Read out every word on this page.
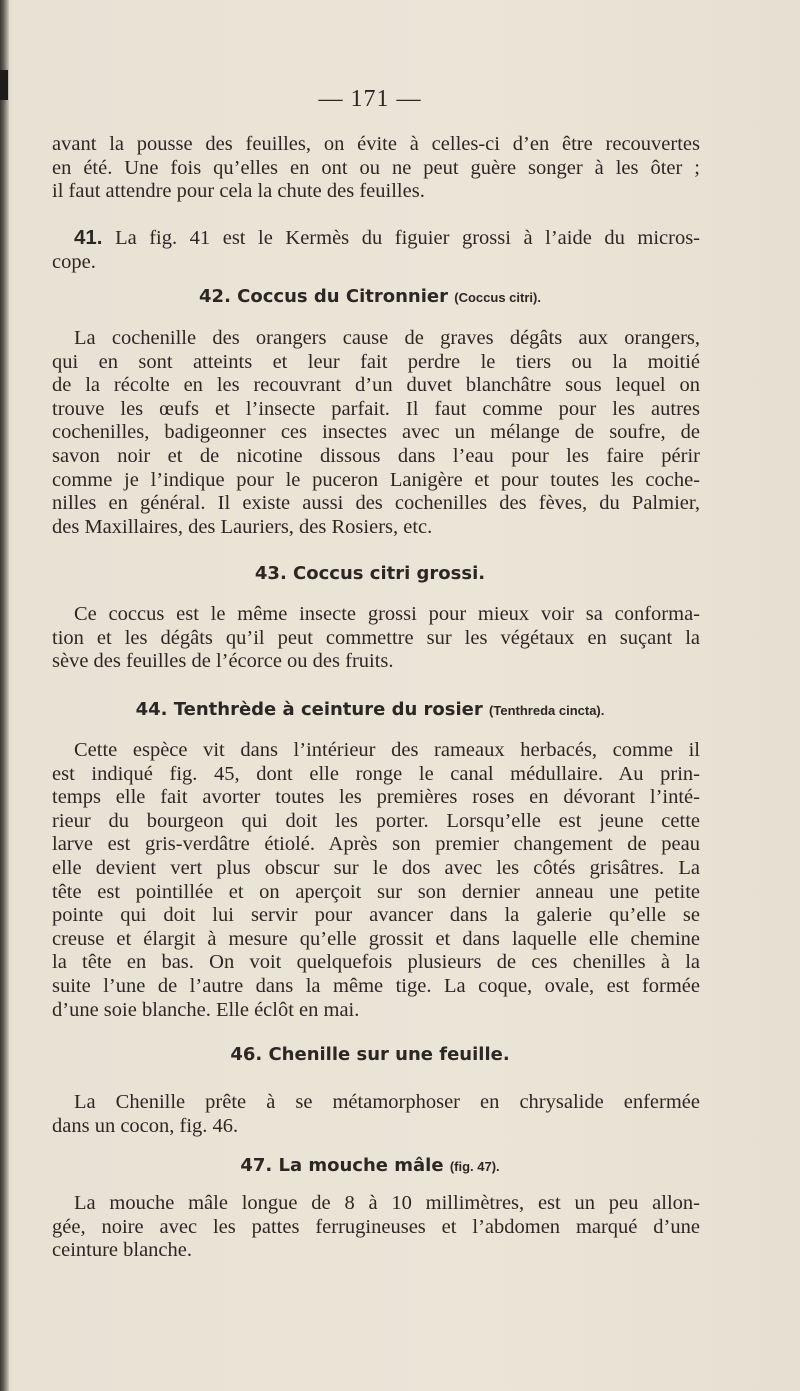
— 171 —
avant la pousse des feuilles, on évite à celles-ci d’en être recouvertes
en été. Une fois qu’elles en ont ou ne peut guère songer à les ôter ;
il faut attendre pour cela la chute des feuilles.
41. La fig. 41 est le Kermès du figuier grossi à l’aide du micros-
cope.
42. Coccus du Citronnier (Coccus citri).
La cochenille des orangers cause de graves dégâts aux orangers,
qui en sont atteints et leur fait perdre le tiers ou la moitié
de la récolte en les recouvrant d’un duvet blanchâtre sous lequel on
trouve les œufs et l’insecte parfait. Il faut comme pour les autres
cochenilles, badigeonner ces insectes avec un mélange de soufre, de
savon noir et de nicotine dissous dans l’eau pour les faire périr
comme je l’indique pour le puceron Lanigère et pour toutes les coche-
nilles en général. Il existe aussi des cochenilles des fèves, du Palmier,
des Maxillaires, des Lauriers, des Rosiers, etc.
43. Coccus citri grossi.
Ce coccus est le même insecte grossi pour mieux voir sa conforma-
tion et les dégâts qu’il peut commettre sur les végétaux en suçant la
sève des feuilles de l’écorce ou des fruits.
44. Tenthrède à ceinture du rosier (Tenthreda cincta).
Cette espèce vit dans l’intérieur des rameaux herbacés, comme il
est indiqué fig. 45, dont elle ronge le canal médullaire. Au prin-
temps elle fait avorter toutes les premières roses en dévorant l’inté-
rieur du bourgeon qui doit les porter. Lorsqu’elle est jeune cette
larve est gris-verdâtre étiolé. Après son premier changement de peau
elle devient vert plus obscur sur le dos avec les côtés grisâtres. La
tête est pointillée et on aperçoit sur son dernier anneau une petite
pointe qui doit lui servir pour avancer dans la galerie qu’elle se
creuse et élargit à mesure qu’elle grossit et dans laquelle elle chemine
la tête en bas. On voit quelquefois plusieurs de ces chenilles à la
suite l’une de l’autre dans la même tige. La coque, ovale, est formée
d’une soie blanche. Elle éclôt en mai.
46. Chenille sur une feuille.
La Chenille prête à se métamorphoser en chrysalide enfermée
dans un cocon, fig. 46.
47. La mouche mâle (fig. 47).
La mouche mâle longue de 8 à 10 millimètres, est un peu allon-
gée, noire avec les pattes ferrugineuses et l’abdomen marqué d’une
ceinture blanche.
